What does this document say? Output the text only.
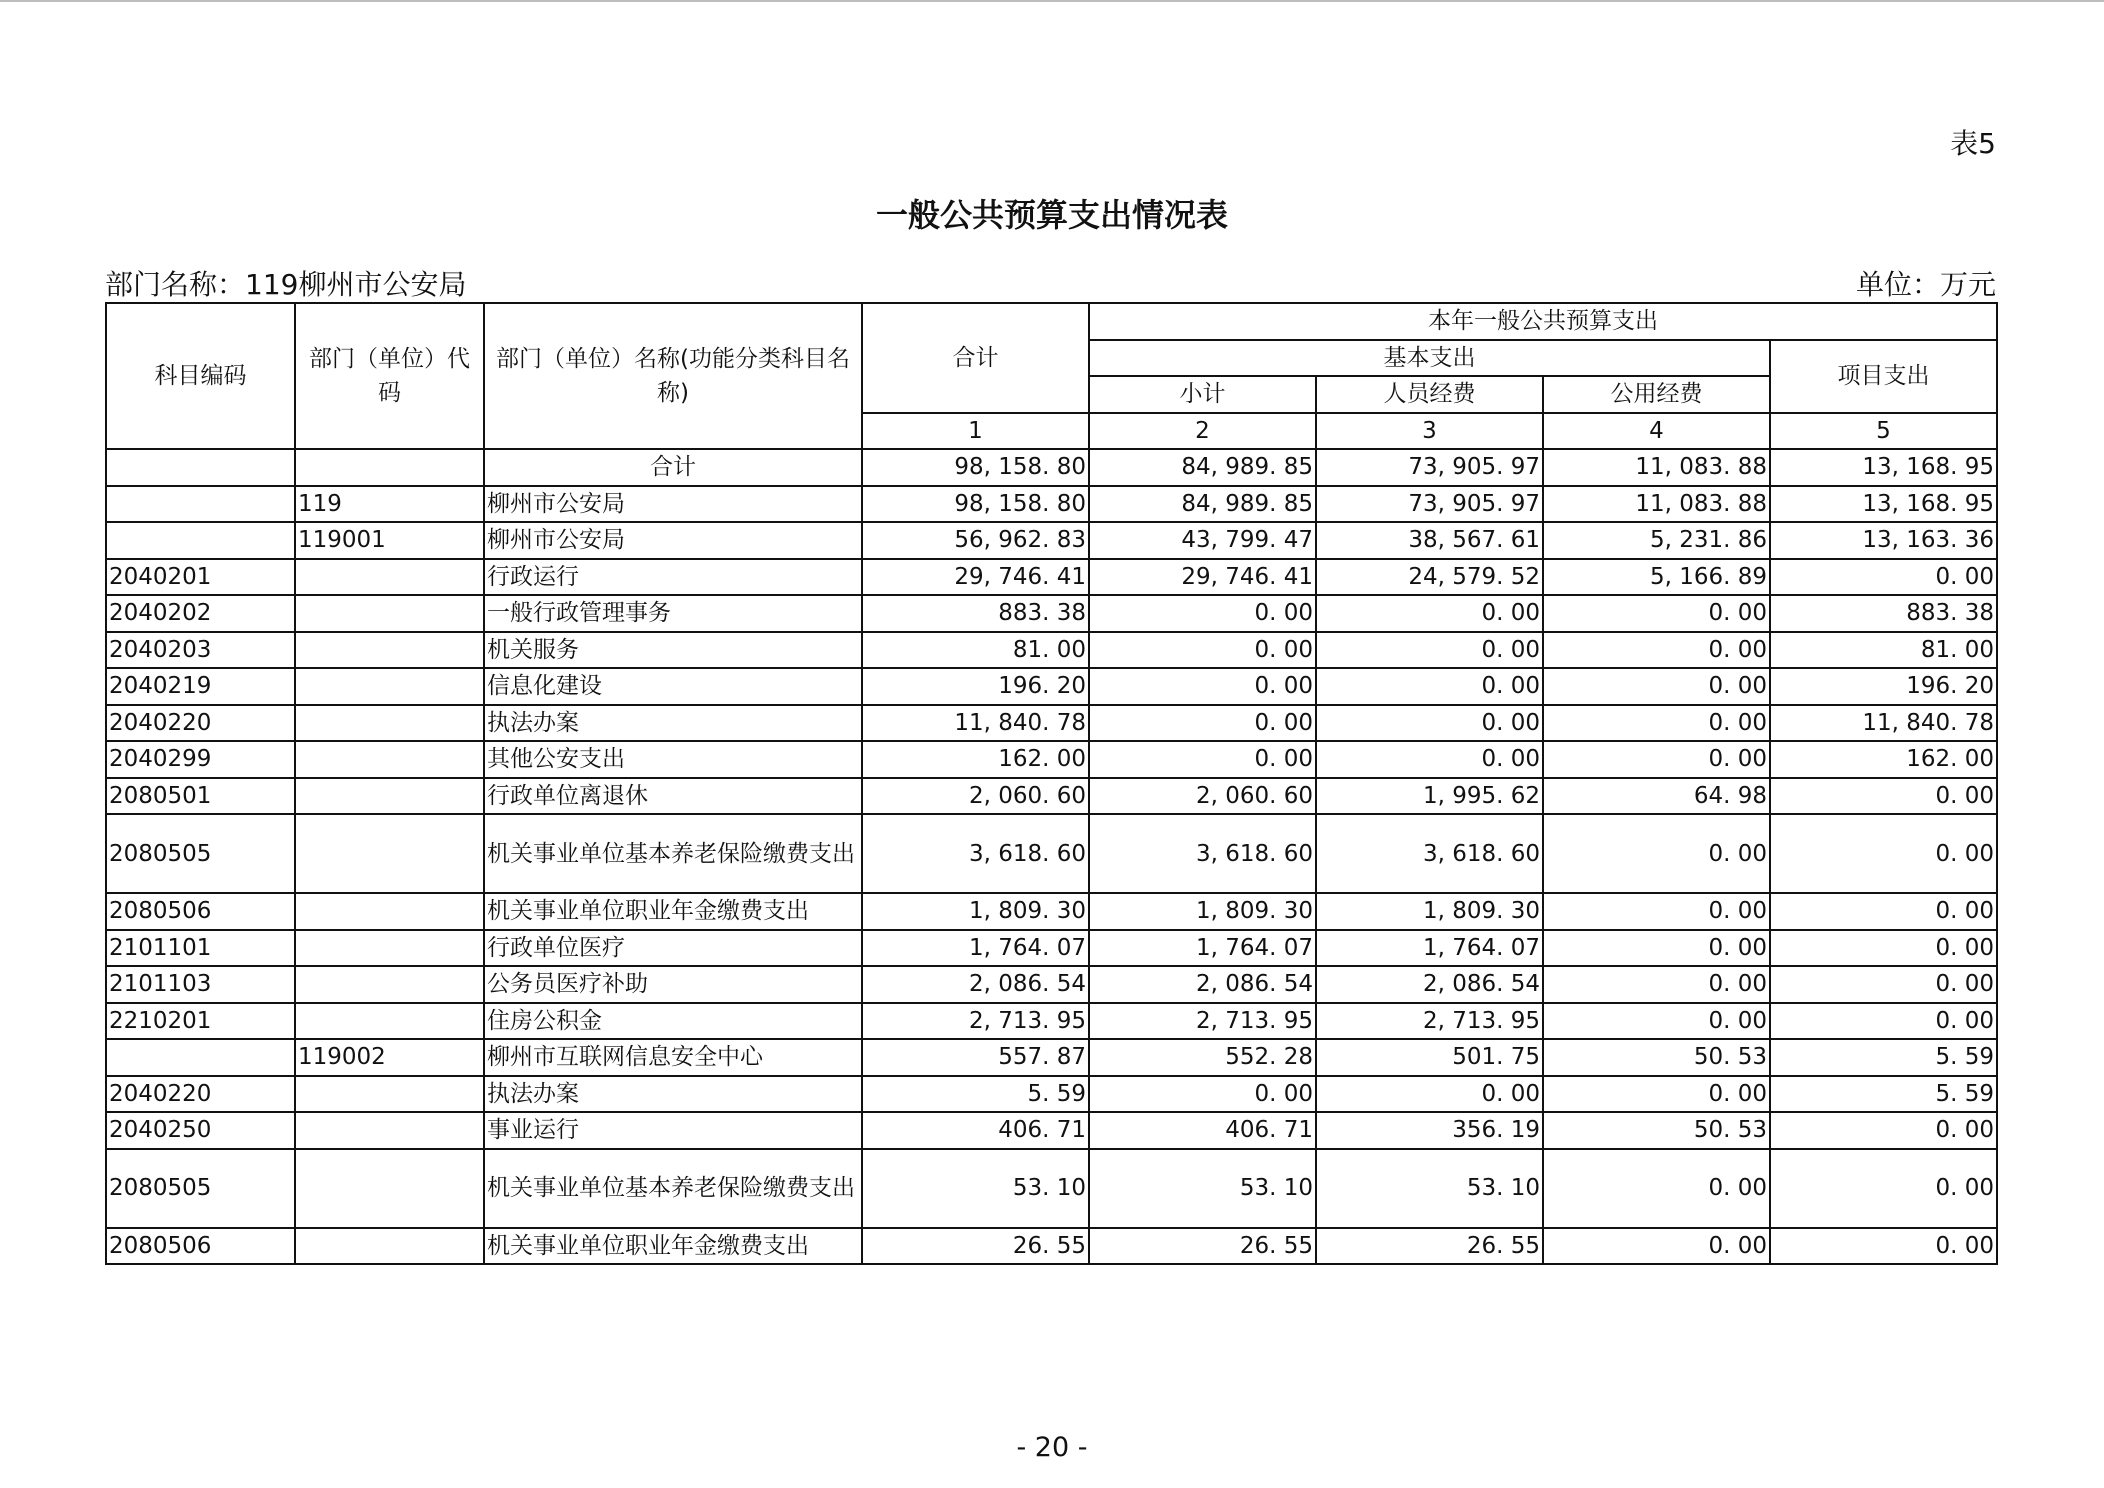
表5
一般公共预算支出情况表
部门名称：119柳州市公安局	单位：万元
科目编码	部门（单位）代码	部门（单位）名称(功能分类科目名称)	合计	本年一般公共预算支出			
				基本支出			项目支出
				小计	人员经费	公用经费	
			1	2	3	4	5
		合计	98, 158. 80	84, 989. 85	73, 905. 97	11, 083. 88	13, 168. 95
	119	柳州市公安局	98, 158. 80	84, 989. 85	73, 905. 97	11, 083. 88	13, 168. 95
	119001	柳州市公安局	56, 962. 83	43, 799. 47	38, 567. 61	5, 231. 86	13, 163. 36
2040201		行政运行	29, 746. 41	29, 746. 41	24, 579. 52	5, 166. 89	0. 00
2040202		一般行政管理事务	883. 38	0. 00	0. 00	0. 00	883. 38
2040203		机关服务	81. 00	0. 00	0. 00	0. 00	81. 00
2040219		信息化建设	196. 20	0. 00	0. 00	0. 00	196. 20
2040220		执法办案	11, 840. 78	0. 00	0. 00	0. 00	11, 840. 78
2040299		其他公安支出	162. 00	0. 00	0. 00	0. 00	162. 00
2080501		行政单位离退休	2, 060. 60	2, 060. 60	1, 995. 62	64. 98	0. 00
2080505		机关事业单位基本养老保险缴费支出	3, 618. 60	3, 618. 60	3, 618. 60	0. 00	0. 00
2080506		机关事业单位职业年金缴费支出	1, 809. 30	1, 809. 30	1, 809. 30	0. 00	0. 00
2101101		行政单位医疗	1, 764. 07	1, 764. 07	1, 764. 07	0. 00	0. 00
2101103		公务员医疗补助	2, 086. 54	2, 086. 54	2, 086. 54	0. 00	0. 00
2210201		住房公积金	2, 713. 95	2, 713. 95	2, 713. 95	0. 00	0. 00
	119002	柳州市互联网信息安全中心	557. 87	552. 28	501. 75	50. 53	5. 59
2040220		执法办案	5. 59	0. 00	0. 00	0. 00	5. 59
2040250		事业运行	406. 71	406. 71	356. 19	50. 53	0. 00
2080505		机关事业单位基本养老保险缴费支出	53. 10	53. 10	53. 10	0. 00	0. 00
2080506		机关事业单位职业年金缴费支出	26. 55	26. 55	26. 55	0. 00	0. 00
- 20 -
